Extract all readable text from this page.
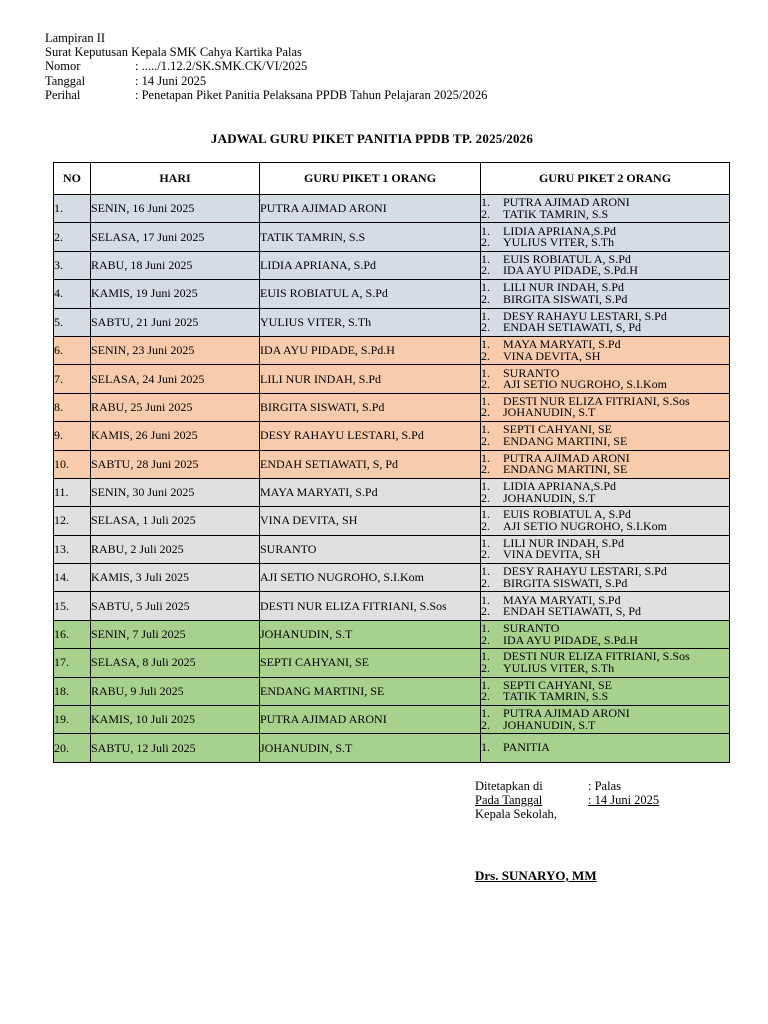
Lampiran II
Surat Keputusan Kepala SMK Cahya Kartika Palas
Nomor	: ...../1.12.2/SK.SMK.CK/VI/2025
Tanggal	: 14 Juni 2025
Perihal	: Penetapan Piket Panitia Pelaksana PPDB Tahun Pelajaran 2025/2026
JADWAL GURU PIKET PANITIA PPDB TP. 2025/2026
NO	HARI	GURU PIKET 1 ORANG	GURU PIKET 2 ORANG
1.	SENIN, 16 Juni 2025	PUTRA AJIMAD ARONI	1. PUTRA AJIMAD ARONI
2. TATIK TAMRIN, S.S

2.	SELASA, 17 Juni 2025	TATIK TAMRIN, S.S	1. LIDIA APRIANA,S.Pd
2. YULIUS VITER, S.Th

3.	RABU, 18 Juni 2025	LIDIA APRIANA, S.Pd	1. EUIS ROBIATUL A, S.Pd
2. IDA AYU PIDADE, S.Pd.H

4.	KAMIS, 19 Juni 2025	EUIS ROBIATUL A, S.Pd	1. LILI NUR INDAH, S.Pd
2. BIRGITA SISWATI, S.Pd

5.	SABTU, 21 Juni 2025	YULIUS VITER, S.Th	1. DESY RAHAYU LESTARI, S.Pd
2. ENDAH SETIAWATI, S, Pd

6.	SENIN, 23 Juni 2025	IDA AYU PIDADE, S.Pd.H	1. MAYA MARYATI, S.Pd
2. VINA DEVITA, SH

7.	SELASA, 24 Juni 2025	LILI NUR INDAH, S.Pd	1. SURANTO
2. AJI SETIO NUGROHO, S.I.Kom

8.	RABU, 25 Juni 2025	BIRGITA SISWATI, S.Pd	1. DESTI NUR ELIZA FITRIANI, S.Sos
2. JOHANUDIN, S.T

9.	KAMIS, 26 Juni 2025	DESY RAHAYU LESTARI, S.Pd	1. SEPTI CAHYANI, SE
2. ENDANG MARTINI, SE

10.	SABTU, 28 Juni 2025	ENDAH SETIAWATI, S, Pd	1. PUTRA AJIMAD ARONI
2. ENDANG MARTINI, SE

11.	SENIN, 30 Juni 2025	MAYA MARYATI, S.Pd	1. LIDIA APRIANA,S.Pd
2. JOHANUDIN, S.T

12.	SELASA, 1 Juli 2025	VINA DEVITA, SH	1. EUIS ROBIATUL A, S.Pd
2. AJI SETIO NUGROHO, S.I.Kom

13.	RABU, 2 Juli 2025	SURANTO	1. LILI NUR INDAH, S.Pd
2. VINA DEVITA, SH

14.	KAMIS, 3 Juli 2025	AJI SETIO NUGROHO, S.I.Kom	1. DESY RAHAYU LESTARI, S.Pd
2. BIRGITA SISWATI, S.Pd

15.	SABTU, 5 Juli 2025	DESTI NUR ELIZA FITRIANI, S.Sos	1. MAYA MARYATI, S.Pd
2. ENDAH SETIAWATI, S, Pd

16.	SENIN, 7 Juli 2025	JOHANUDIN, S.T	1. SURANTO
2. IDA AYU PIDADE, S.Pd.H

17.	SELASA, 8 Juli 2025	SEPTI CAHYANI, SE	1. DESTI NUR ELIZA FITRIANI, S.Sos
2. YULIUS VITER, S.Th

18.	RABU, 9 Juli 2025	ENDANG MARTINI, SE	1. SEPTI CAHYANI, SE
2. TATIK TAMRIN, S.S

19.	KAMIS, 10 Juli 2025	PUTRA AJIMAD ARONI	1. PUTRA AJIMAD ARONI
2. JOHANUDIN, S.T

20.	SABTU, 12 Juli 2025	JOHANUDIN, S.T	1. PANITIA
Ditetapkan di	: Palas
Pada Tanggal	: 14 Juni 2025
Kepala Sekolah,
Drs. SUNARYO, MM
